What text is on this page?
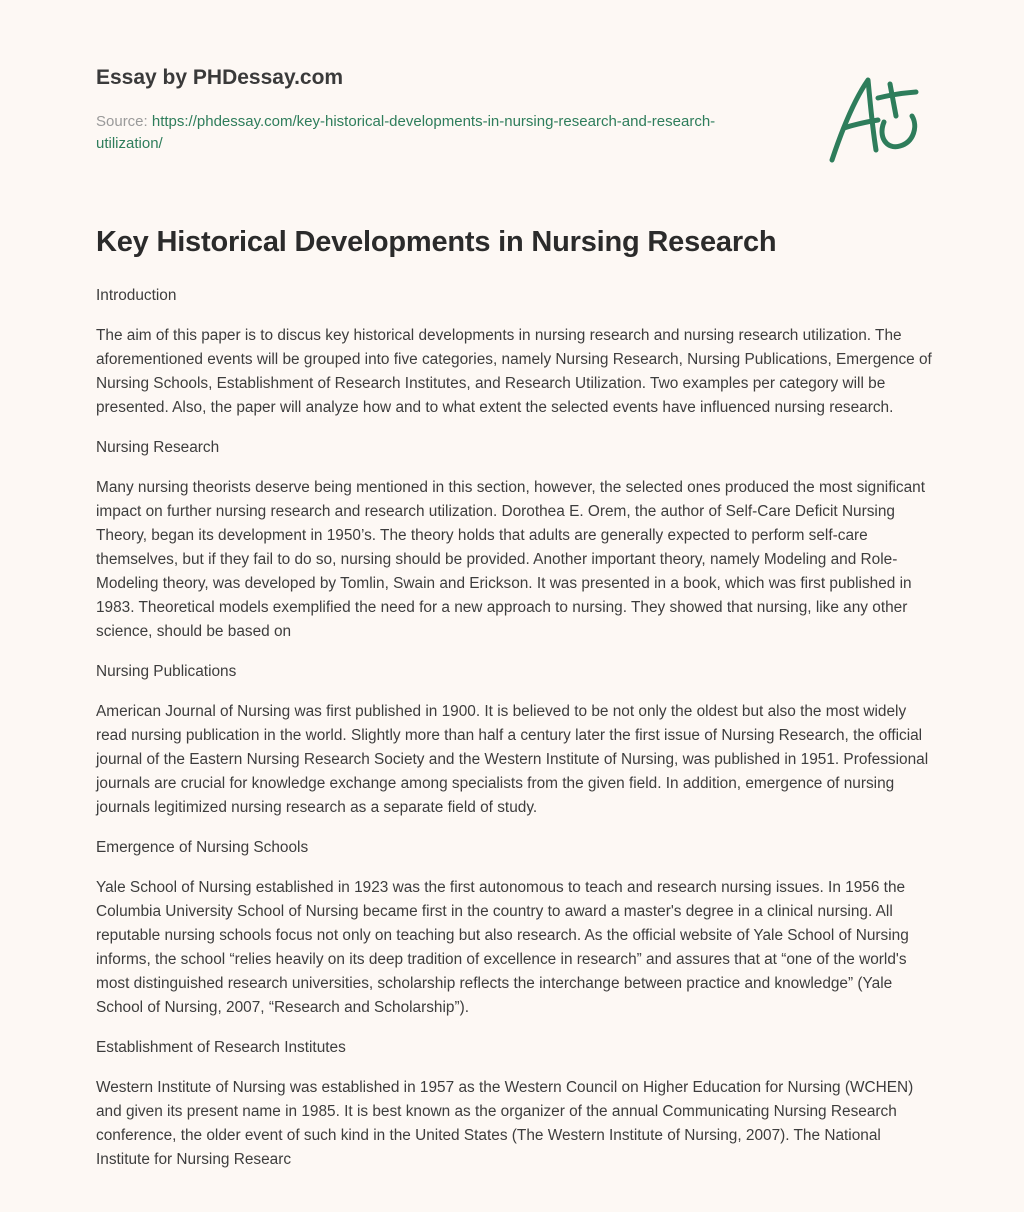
Essay by PHDessay.com
Source: https://phdessay.com/key-historical-developments-in-nursing-research-and-research-utilization/
Key Historical Developments in Nursing Research

Introduction

The aim of this paper is to discus key historical developments in nursing research and nursing research utilization. The aforementioned events will be grouped into five categories, namely Nursing Research, Nursing Publications, Emergence of Nursing Schools, Establishment of Research Institutes, and Research Utilization. Two examples per category will be presented. Also, the paper will analyze how and to what extent the selected events have influenced nursing research.

Nursing Research

Many nursing theorists deserve being mentioned in this section, however, the selected ones produced the most significant impact on further nursing research and research utilization. Dorothea E. Orem, the author of Self-Care Deficit Nursing Theory, began its development in 1950’s. The theory holds that adults are generally expected to perform self-care themselves, but if they fail to do so, nursing should be provided. Another important theory, namely Modeling and Role-Modeling theory, was developed by Tomlin, Swain and Erickson. It was presented in a book, which was first published in 1983. Theoretical models exemplified the need for a new approach to nursing. They showed that nursing, like any other science, should be based on

Nursing Publications

American Journal of Nursing was first published in 1900. It is believed to be not only the oldest but also the most widely read nursing publication in the world. Slightly more than half a century later the first issue of Nursing Research, the official journal of the Eastern Nursing Research Society and the Western Institute of Nursing, was published in 1951. Professional journals are crucial for knowledge exchange among specialists from the given field. In addition, emergence of nursing journals legitimized nursing research as a separate field of study.

Emergence of Nursing Schools

Yale School of Nursing established in 1923 was the first autonomous to teach and research nursing issues. In 1956 the Columbia University School of Nursing became first in the country to award a master's degree in a clinical nursing. All reputable nursing schools focus not only on teaching but also research. As the official website of Yale School of Nursing informs, the school “relies heavily on its deep tradition of excellence in research” and assures that at “one of the world's most distinguished research universities, scholarship reflects the interchange between practice and knowledge” (Yale School of Nursing, 2007, “Research and Scholarship”).

Establishment of Research Institutes

Western Institute of Nursing was established in 1957 as the Western Council on Higher Education for Nursing (WCHEN) and given its present name in 1985. It is best known as the organizer of the annual Communicating Nursing Research conference, the older event of such kind in the United States (The Western Institute of Nursing, 2007). The National Institute for Nursing Researc
